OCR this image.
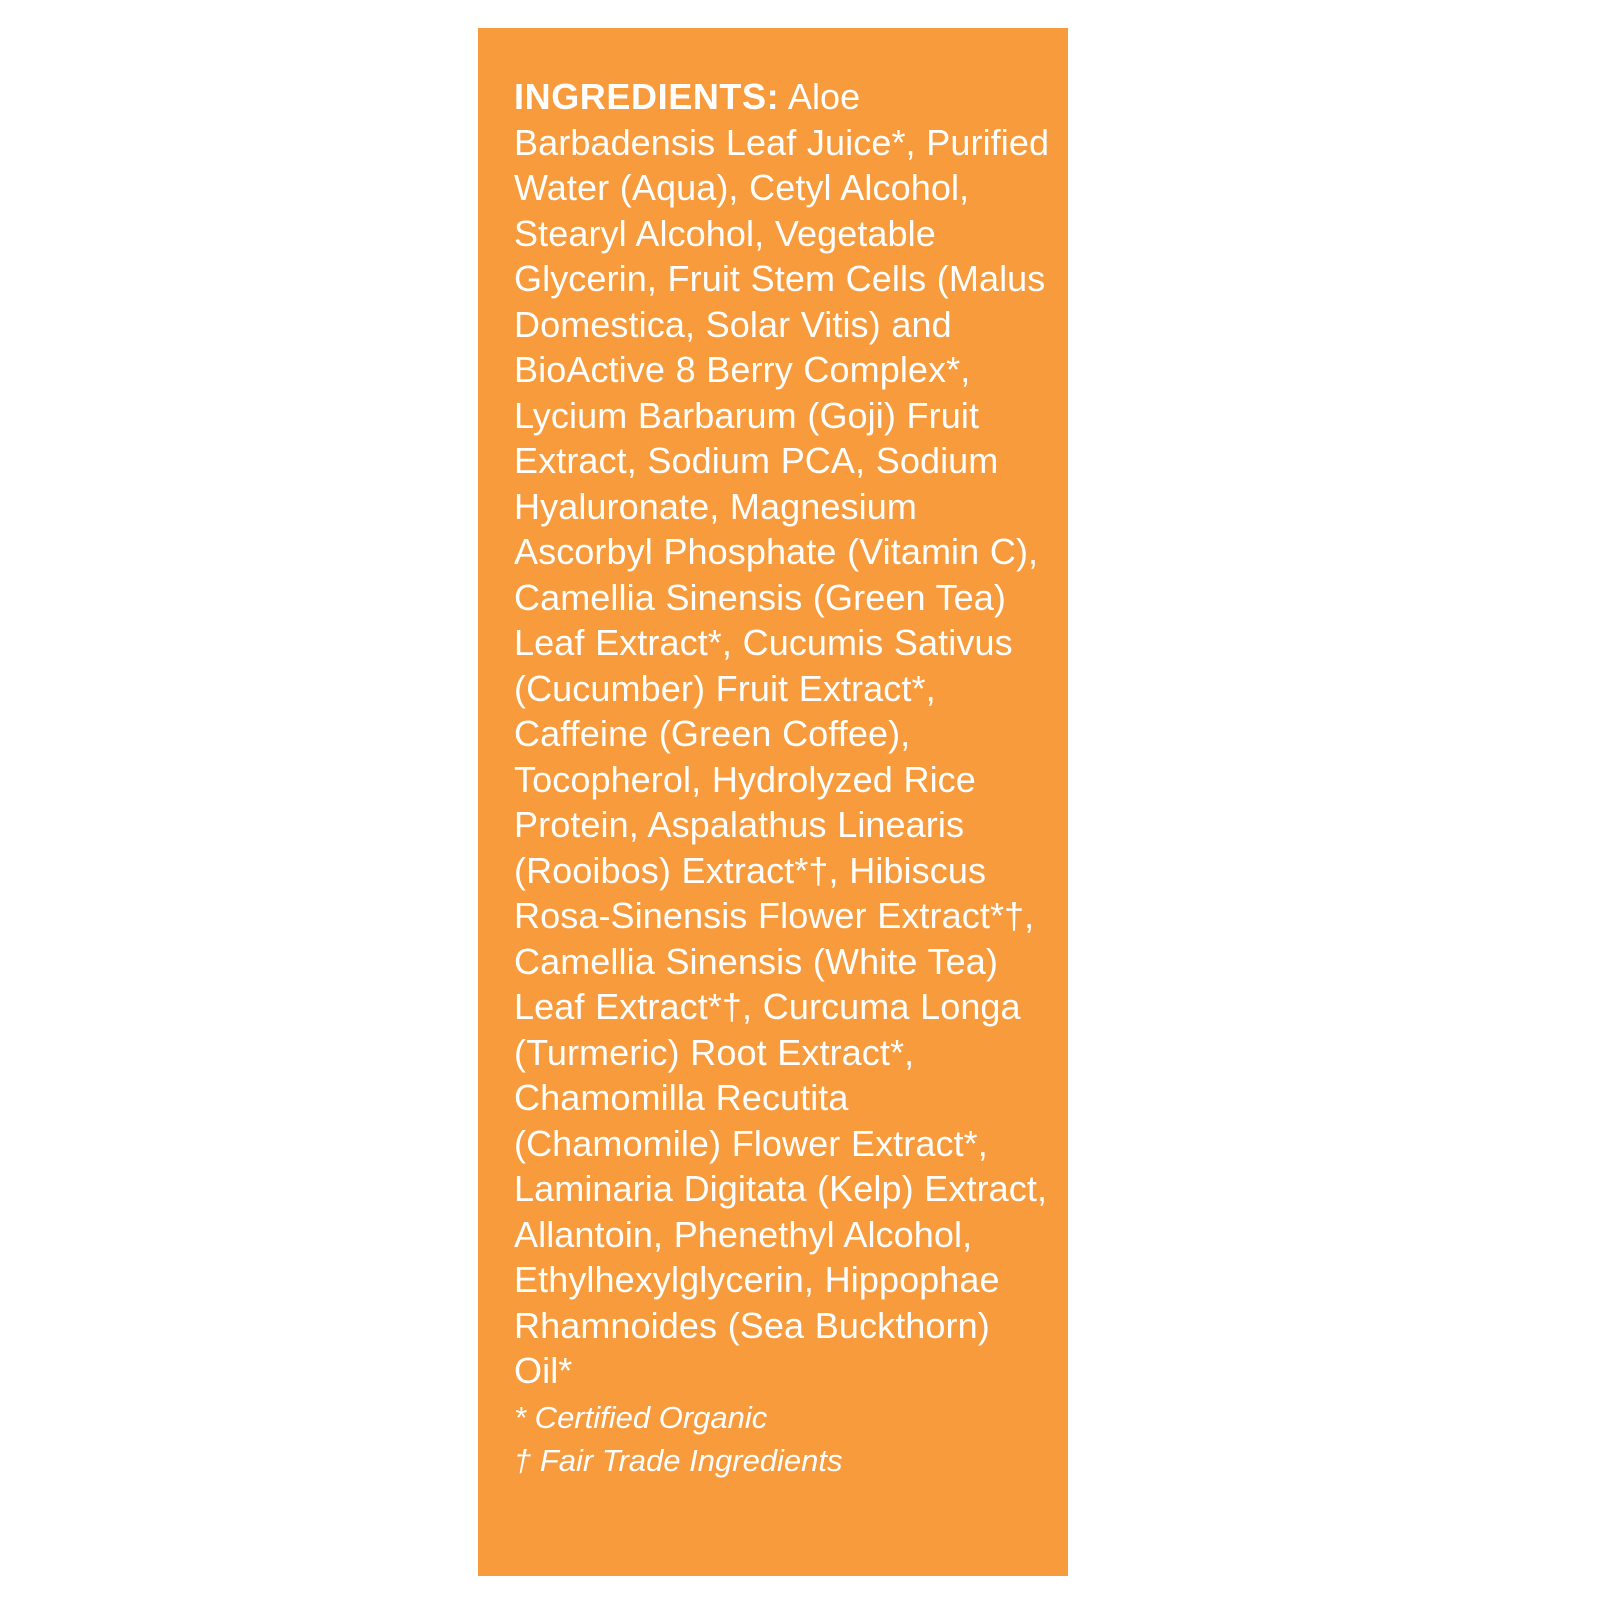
INGREDIENTS: Aloe Barbadensis Leaf Juice*, Purified Water (Aqua), Cetyl Alcohol, Stearyl Alcohol, Vegetable Glycerin, Fruit Stem Cells (Malus Domestica, Solar Vitis) and BioActive 8 Berry Complex*, Lycium Barbarum (Goji) Fruit Extract, Sodium PCA, Sodium Hyaluronate, Magnesium Ascorbyl Phosphate (Vitamin C), Camellia Sinensis (Green Tea) Leaf Extract*, Cucumis Sativus (Cucumber) Fruit Extract*, Caffeine (Green Coffee), Tocopherol, Hydrolyzed Rice Protein, Aspalathus Linearis (Rooibos) Extract*†, Hibiscus Rosa-Sinensis Flower Extract*†, Camellia Sinensis (White Tea) Leaf Extract*†, Curcuma Longa (Turmeric) Root Extract*, Chamomilla Recutita (Chamomile) Flower Extract*, Laminaria Digitata (Kelp) Extract, Allantoin, Phenethyl Alcohol, Ethylhexylglycerin, Hippophae Rhamnoides (Sea Buckthorn) Oil*
* Certified Organic
† Fair Trade Ingredients
